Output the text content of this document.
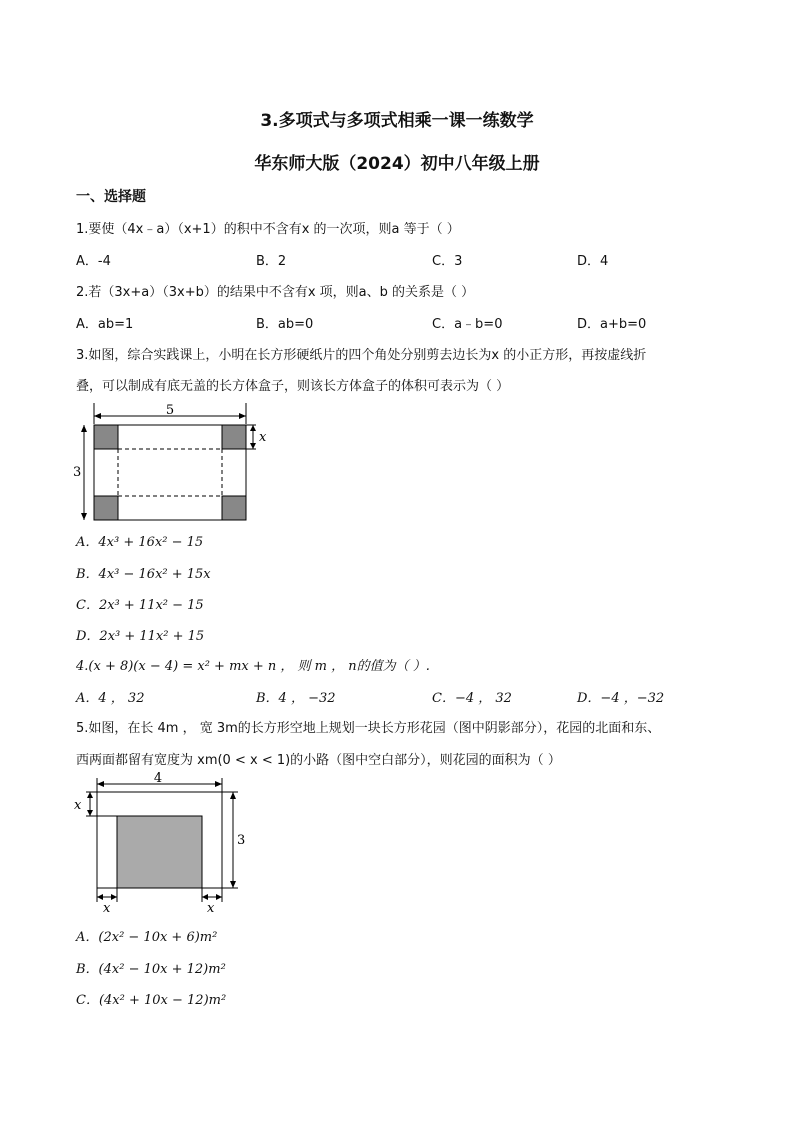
3.多项式与多项式相乘一课一练数学
华东师大版（2024）初中八年级上册
一、选择题
1.要使（4x﹣a）（x+1）的积中不含有x 的一次项，则a 等于（ ）
A．-4	B．2	C．3	D．4
2.若（3x+a）（3x+b）的结果中不含有x 项，则a、b 的关系是（ ）
A．ab=1	B．ab=0	C．a﹣b=0	D．a+b=0
3.如图，综合实践课上，小明在长方形硬纸片的四个角处分别剪去边长为x 的小正方形，再按虚线折
叠，可以制成有底无盖的长方体盒子，则该长方体盒子的体积可表示为（ ）
5
3
x
A．4x³ + 16x² − 15
B．4x³ − 16x² + 15x
C．2x³ + 11x² − 15
D．2x³ + 11x² + 15
4.(x + 8)(x − 4) = x² + mx + n ， 则 m ， n的值为（ ）.
A．4 ， 32	B．4 ， −32	C．−4 ， 32	D．−4 ，−32
5.如图，在长 4m ， 宽 3m的长方形空地上规划一块长方形花园（图中阴影部分），花园的北面和东、
西两面都留有宽度为 xm(0 < x < 1)的小路（图中空白部分），则花园的面积为（ ）
4
3
x
x	x
A．(2x² − 10x + 6)m²
B．(4x² − 10x + 12)m²
C．(4x² + 10x − 12)m²
